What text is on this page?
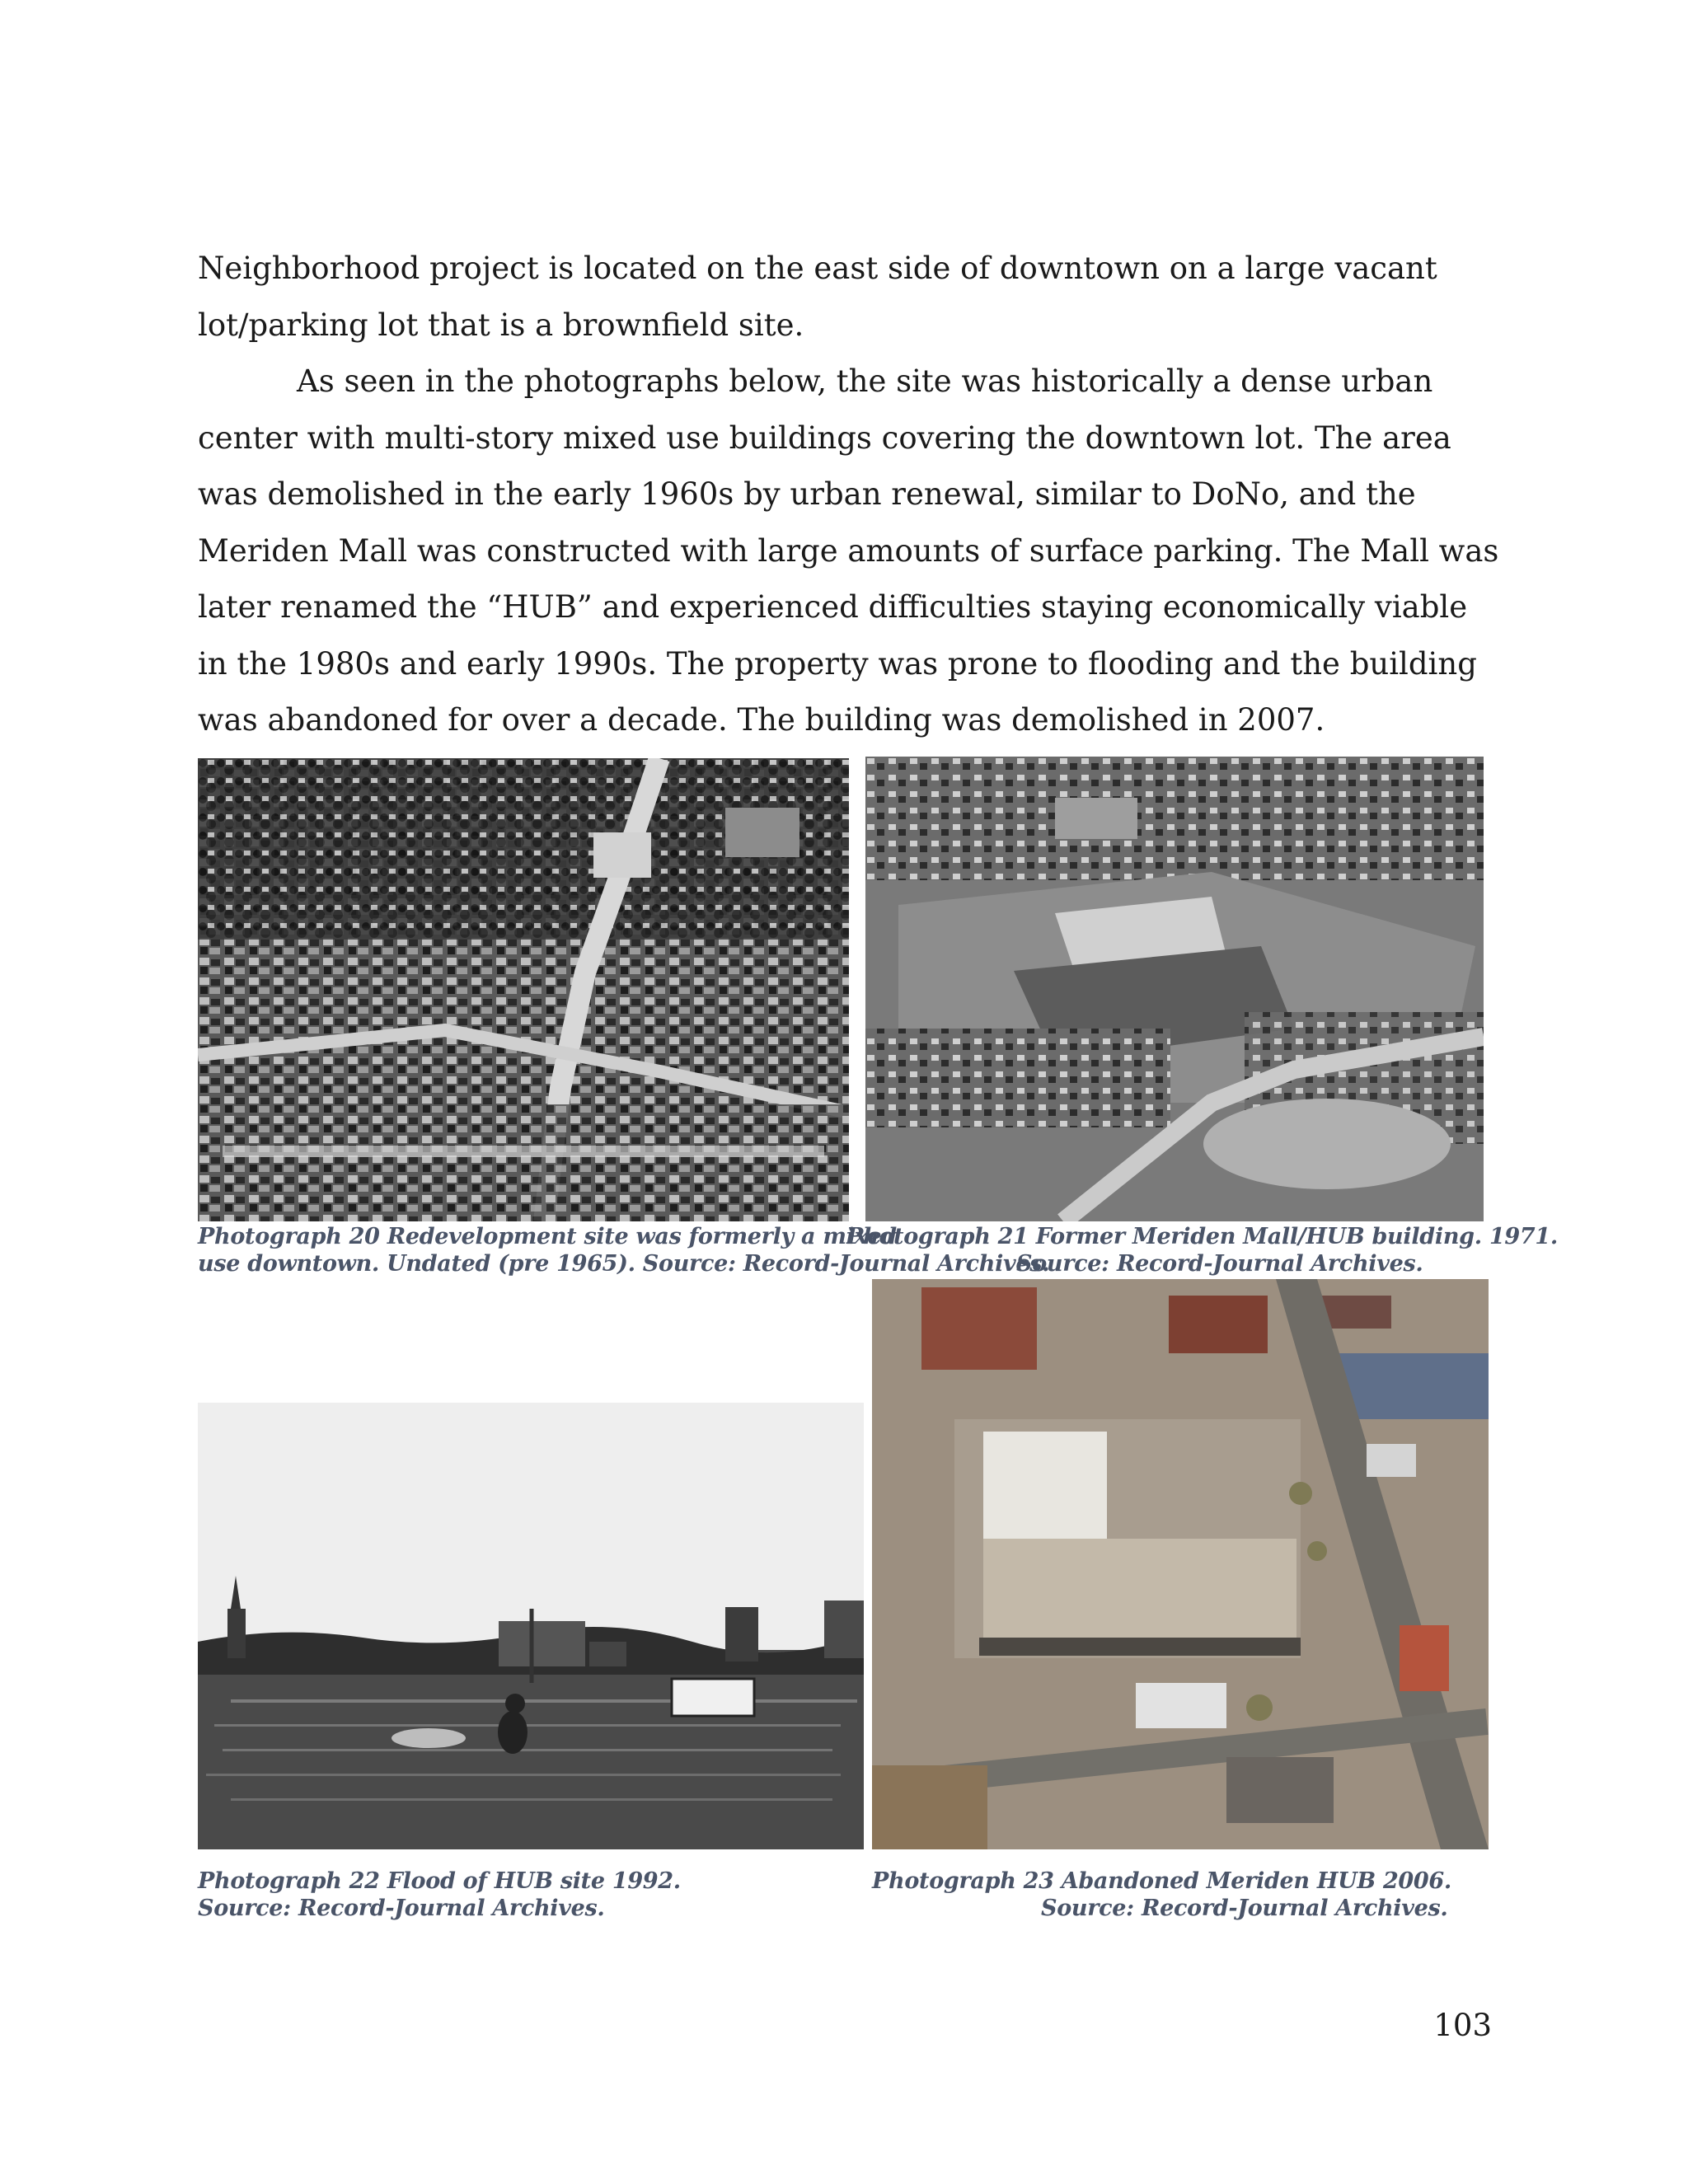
Neighborhood project is located on the east side of downtown on a large vacant lot/parking lot that is a brownfield site.

As seen in the photographs below, the site was historically a dense urban center with multi-story mixed use buildings covering the downtown lot. The area was demolished in the early 1960s by urban renewal, similar to DoNo, and the Meriden Mall was constructed with large amounts of surface parking. The Mall was later renamed the “HUB” and experienced difficulties staying economically viable in the 1980s and early 1990s. The property was prone to flooding and the building was abandoned for over a decade. The building was demolished in 2007.

Photograph 20 Redevelopment site was formerly a mixed
use downtown. Undated (pre 1965). Source: Record-Journal Archives.
Photograph 21 Former Meriden Mall/HUB building. 1971.
Source: Record-Journal Archives.
Photograph 22 Flood of HUB site 1992.
Source: Record-Journal Archives.
Photograph 23 Abandoned Meriden HUB 2006.
Source: Record-Journal Archives.
103
